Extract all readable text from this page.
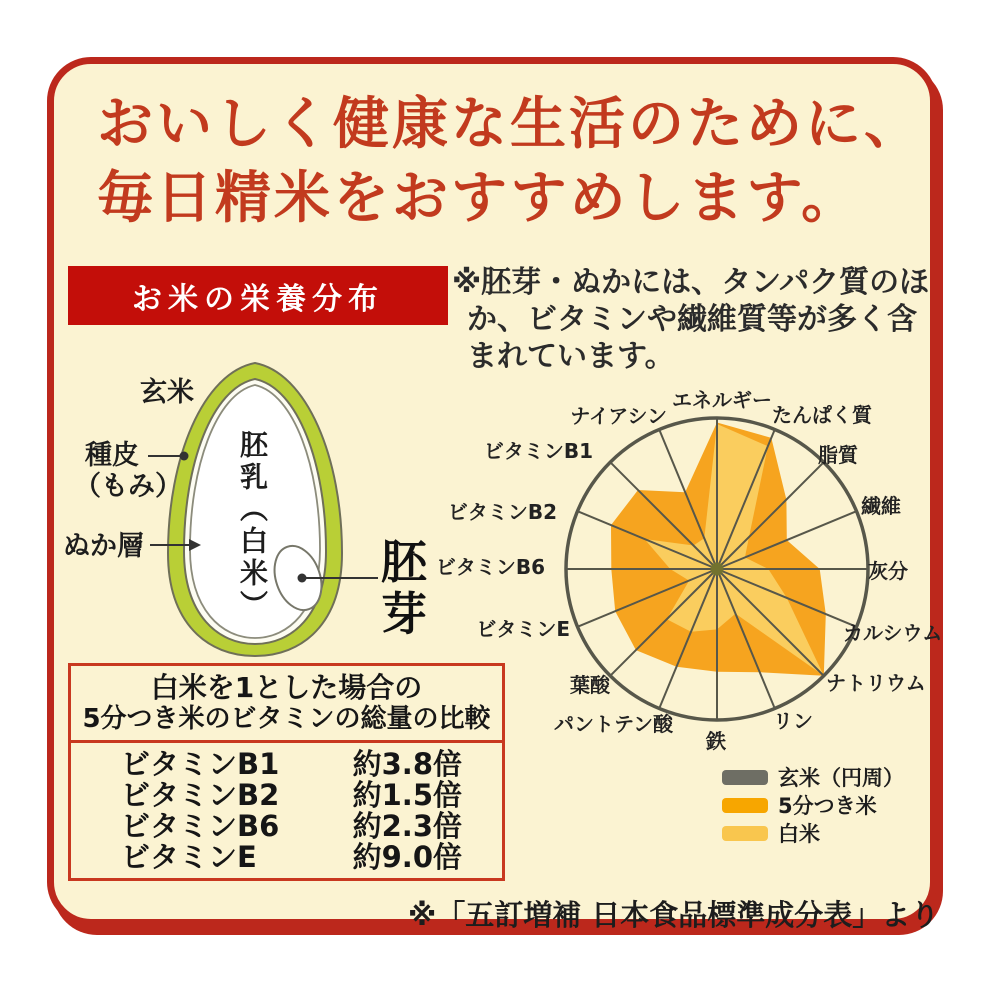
おいしく健康な生活のために、
毎日精米をおすすめします。
お米の栄養分布	※胚芽・ぬかには、タンパク質のほ
か、ビタミンや繊維質等が多く含
まれています。
玄米
種皮
（もみ）
ぬか層	胚乳（白米） 胚芽
エネルギー
たんぱく質
脂質
繊維
灰分
カルシウム
ナトリウム
リン
鉄
パントテン酸
葉酸
ビタミンE
ビタミンB6
ビタミンB2
ビタミンB1
ナイアシン
玄米（円周）
5分つき米
白米
白米を1とした場合の
5分つき米のビタミンの総量の比較
ビタミンB1	約3.8倍
ビタミンB2	約1.5倍
ビタミンB6	約2.3倍
ビタミンE	約9.0倍
※「五訂増補 日本食品標準成分表」より
